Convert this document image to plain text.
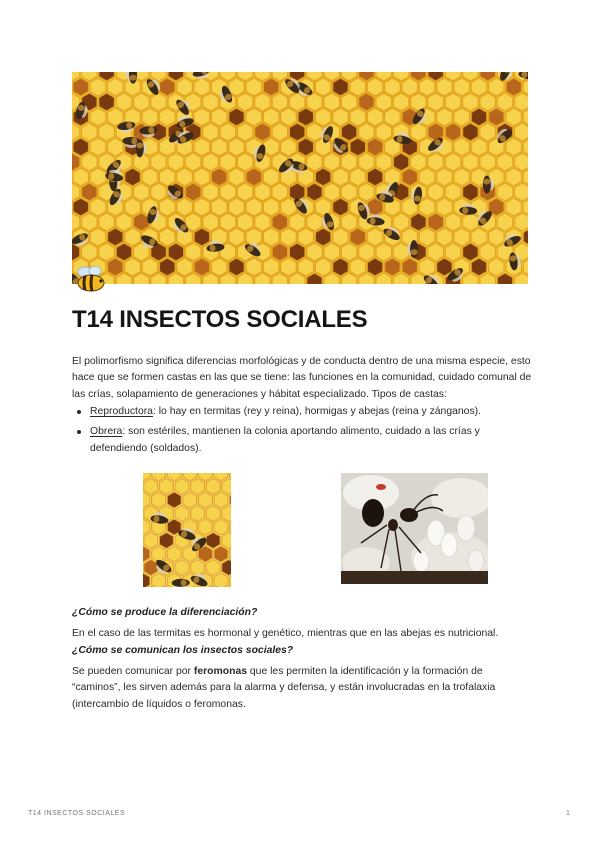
T14 INSECTOS SOCIALES

El polimorfismo significa diferencias morfológicas y de conducta dentro de una misma especie, esto hace que se formen castas en las que se tiene: las funciones en la comunidad, cuidado comunal de las crías, solapamiento de generaciones y hábitat especializado. Tipos de castas:

Reproductora: lo hay en termitas (rey y reina), hormigas y abejas (reina y zánganos).
Obrera: son estériles, mantienen la colonia aportando alimento, cuidado a las crías y defendiendo (soldados).

¿Cómo se produce la diferenciación?

En el caso de las termitas es hormonal y genético, mientras que en las abejas es nutricional.

¿Cómo se comunican los insectos sociales?

Se pueden comunicar por feromonas que les permiten la identificación y la formación de “caminos”, les sirven además para la alarma y defensa, y están involucradas en la trofalaxia (intercambio de líquidos o feromonas.

T14 INSECTOS SOCIALES	1
